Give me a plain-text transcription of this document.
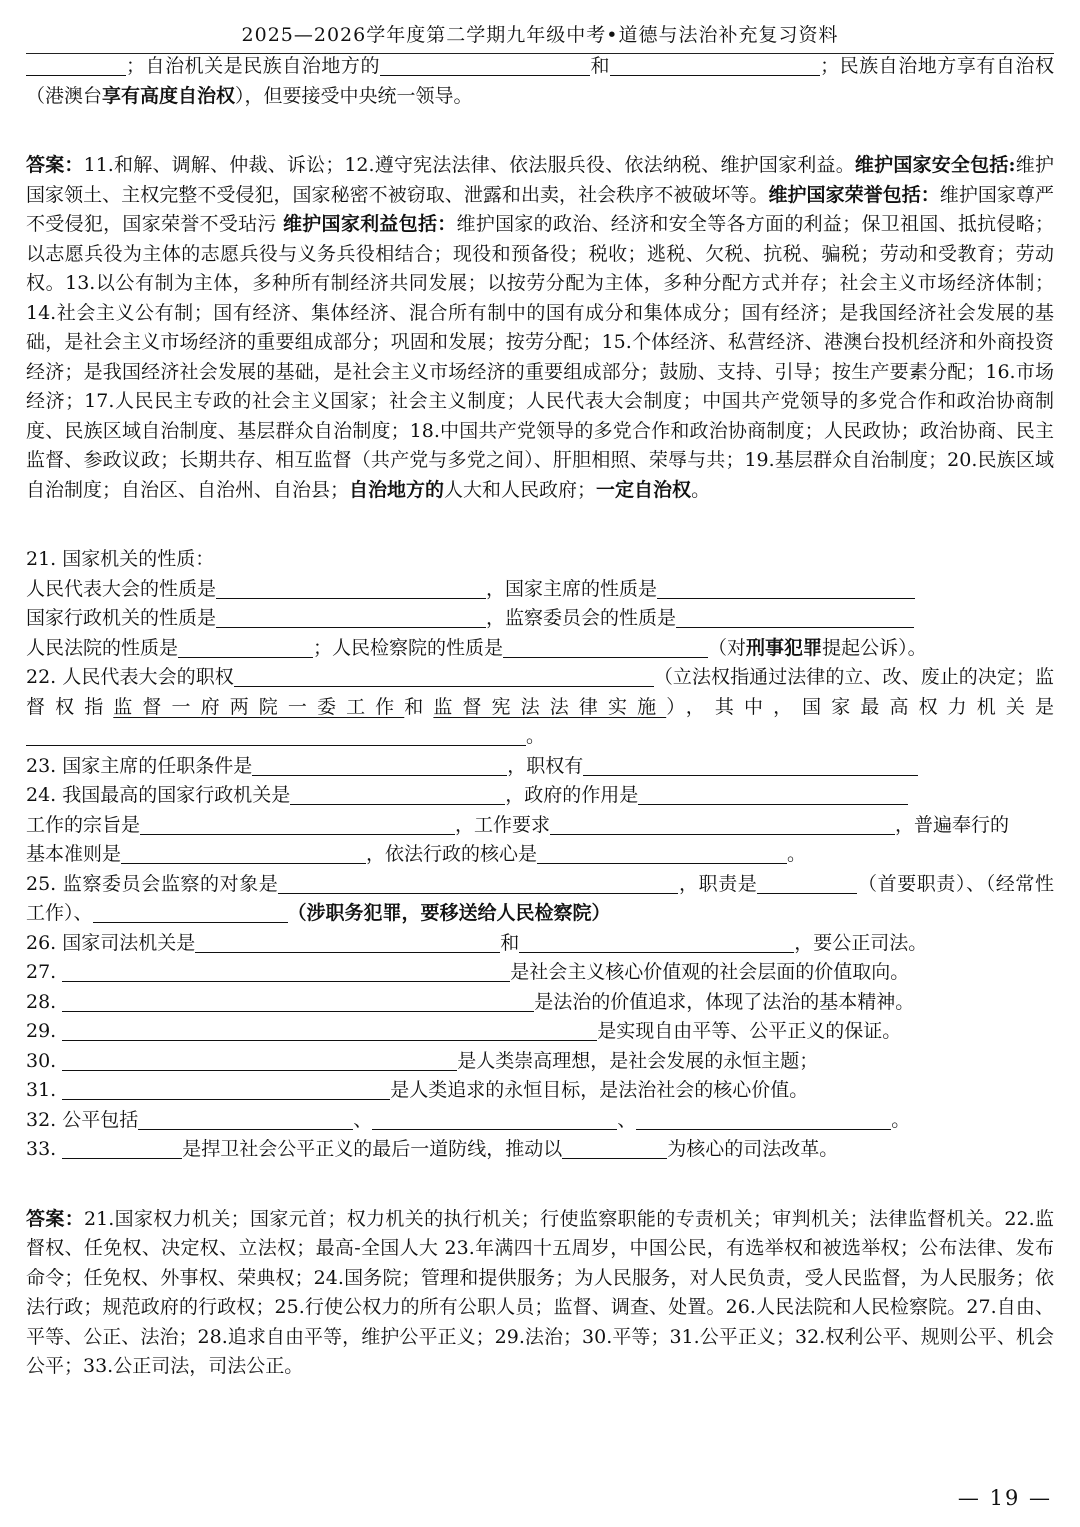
2025—2026学年度第二学期九年级中考•道德与法治补充复习资料

；自治机关是民族自治地方的	和	；民族自治地方享有自治权（港澳台享有高度自治权），但要接受中央统一领导。

答案：11.和解、调解、仲裁、诉讼；12.遵守宪法法律、依法服兵役、依法纳税、维护国家利益。维护国家安全包括:维护国家领土、主权完整不受侵犯，国家秘密不被窃取、泄露和出卖，社会秩序不被破坏等。维护国家荣誉包括：维护国家尊严不受侵犯，国家荣誉不受玷污 维护国家利益包括：维护国家的政治、经济和安全等各方面的利益；保卫祖国、抵抗侵略；以志愿兵役为主体的志愿兵役与义务兵役相结合；现役和预备役；税收；逃税、欠税、抗税、骗税；劳动和受教育；劳动权。13.以公有制为主体，多种所有制经济共同发展；以按劳分配为主体，多种分配方式并存；社会主义市场经济体制；14.社会主义公有制；国有经济、集体经济、混合所有制中的国有成分和集体成分；国有经济；是我国经济社会发展的基础，是社会主义市场经济的重要组成部分；巩固和发展；按劳分配；15.个体经济、私营经济、港澳台投机经济和外商投资经济；是我国经济社会发展的基础，是社会主义市场经济的重要组成部分；鼓励、支持、引导；按生产要素分配；16.市场经济；17.人民民主专政的社会主义国家；社会主义制度；人民代表大会制度；中国共产党领导的多党合作和政治协商制度、民族区域自治制度、基层群众自治制度；18.中国共产党领导的多党合作和政治协商制度；人民政协；政治协商、民主监督、参政议政；长期共存、相互监督（共产党与多党之间）、肝胆相照、荣辱与共；19.基层群众自治制度；20.民族区域自治制度；自治区、自治州、自治县；自治地方的人大和人民政府；一定自治权。

21. 国家机关的性质：

人民代表大会的性质是	，国家主席的性质是

国家行政机关的性质是	，监察委员会的性质是

人民法院的性质是	；人民检察院的性质是	（对刑事犯罪提起公诉）。

22. 人民代表大会的职权	（立法权指通过法律的立、改、废止的决定；监督权指监督一府两院一委工作和监督宪法法律实施），其中，国家最高权力机关是。

23. 国家主席的任职条件是	，职权有

24. 我国最高的国家行政机关是	，政府的作用是

工作的宗旨是	，工作要求	，普遍奉行的

基本准则是	，依法行政的核心是	。

25. 监察委员会监察的对象是	，职责是	（首要职责）、（经常性工作）、	（涉职务犯罪，要移送给人民检察院）

26. 国家司法机关是	和	，要公正司法。

27.	是社会主义核心价值观的社会层面的价值取向。

28.	是法治的价值追求，体现了法治的基本精神。

29.	是实现自由平等、公平正义的保证。

30.	是人类崇高理想，是社会发展的永恒主题；

31.	是人类追求的永恒目标，是法治社会的核心价值。

32. 公平包括	、	、	。

33.	是捍卫社会公平正义的最后一道防线，推动以	为核心的司法改革。

答案：21.国家权力机关；国家元首；权力机关的执行机关；行使监察职能的专责机关；审判机关；法律监督机关。22.监督权、任免权、决定权、立法权；最高-全国人大 23.年满四十五周岁，中国公民，有选举权和被选举权；公布法律、发布命令；任免权、外事权、荣典权；24.国务院；管理和提供服务；为人民服务，对人民负责，受人民监督，为人民服务；依法行政；规范政府的行政权；25.行使公权力的所有公职人员；监督、调查、处置。26.人民法院和人民检察院。27.自由、平等、公正、法治；28.追求自由平等，维护公平正义；29.法治；30.平等；31.公平正义；32.权利公平、规则公平、机会公平；33.公正司法，司法公正。

— 19 —
